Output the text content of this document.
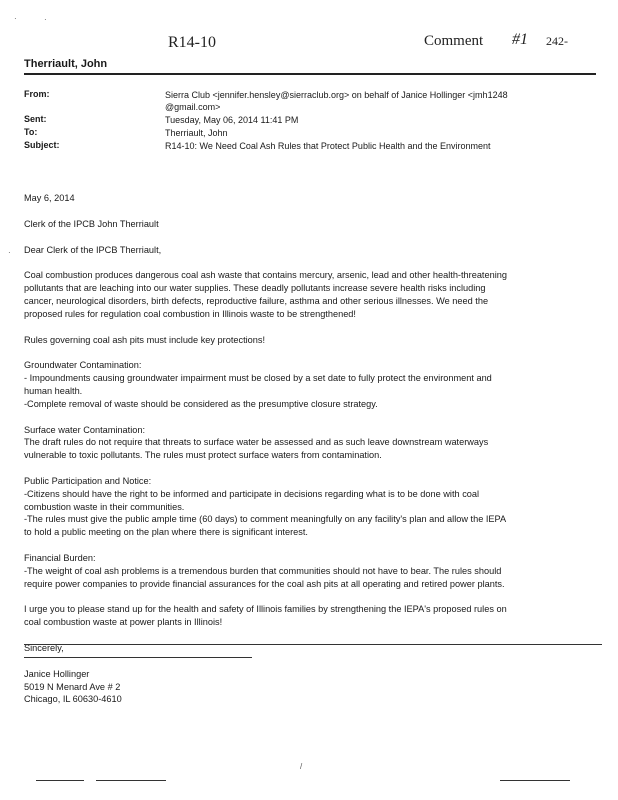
·	·
·
/
R14-10	Comment #1 242-
Therriault, John
From:	Sierra Club <jennifer.hensley@sierraclub.org> on behalf of Janice Hollinger <jmh1248
@gmail.com>
Sent:	Tuesday, May 06, 2014 11:41 PM
To:	Therriault, John
Subject:	R14-10: We Need Coal Ash Rules that Protect Public Health and the Environment

May 6, 2014

Clerk of the IPCB John Therriault

Dear Clerk of the IPCB Therriault,

Coal combustion produces dangerous coal ash waste that contains mercury, arsenic, lead and other health-threatening

pollutants that are leaching into our water supplies. These deadly pollutants increase severe health risks including

cancer, neurological disorders, birth defects, reproductive failure, asthma and other serious illnesses. We need the

proposed rules for regulation coal combustion in Illinois waste to be strengthened!

Rules governing coal ash pits must include key protections!

Groundwater Contamination:

- Impoundments causing groundwater impairment must be closed by a set date to fully protect the environment and

human health.

-Complete removal of waste should be considered as the presumptive closure strategy.

Surface water Contamination:

The draft rules do not require that threats to surface water be assessed and as such leave downstream waterways

vulnerable to toxic pollutants. The rules must protect surface waters from contamination.

Public Participation and Notice:

-Citizens should have the right to be informed and participate in decisions regarding what is to be done with coal

combustion waste in their communities.

-The rules must give the public ample time (60 days) to comment meaningfully on any facility's plan and allow the IEPA

to hold a public meeting on the plan where there is significant interest.

Financial Burden:

-The weight of coal ash problems is a tremendous burden that communities should not have to bear. The rules should

require power companies to provide financial assurances for the coal ash pits at all operating and retired power plants.

I urge you to please stand up for the health and safety of Illinois families by strengthening the IEPA's proposed rules on

coal combustion waste at power plants in Illinois!

Sincerely,

Janice Hollinger

5019 N Menard Ave # 2

Chicago, IL 60630-4610
